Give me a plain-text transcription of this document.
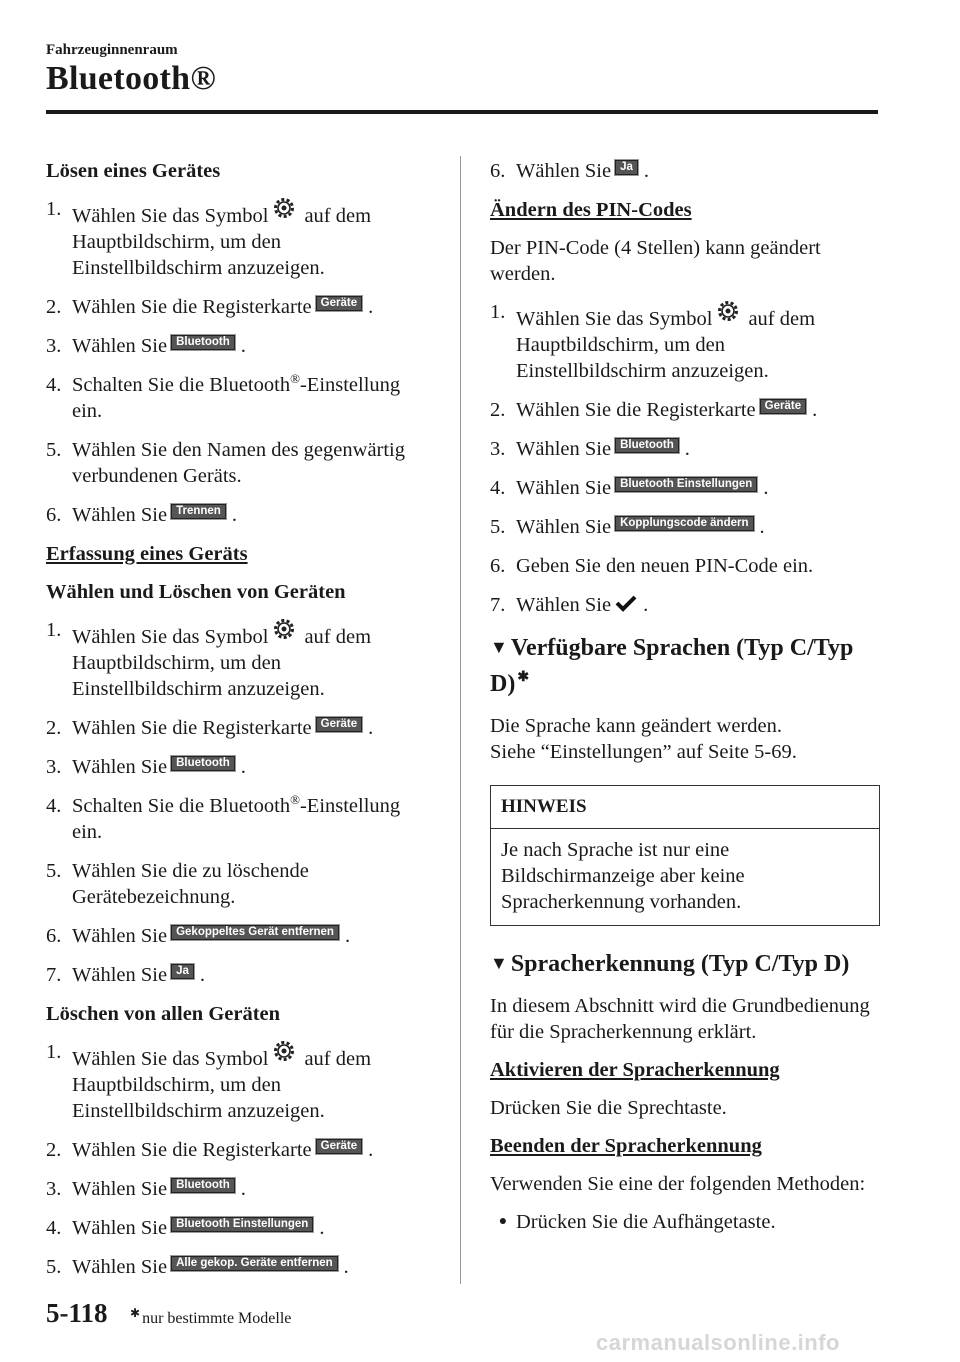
Fahrzeuginnenraum
Bluetooth®
Lösen eines Gerätes
1. Wählen Sie das Symbol auf dem Hauptbildschirm, um den Einstellbildschirm anzuzeigen.
2. Wählen Sie die Registerkarte Geräte .
3. Wählen Sie Bluetooth .
4. Schalten Sie die Bluetooth®-Einstellung ein.
5. Wählen Sie den Namen des gegenwärtig verbundenen Geräts.
6. Wählen Sie Trennen .
Erfassung eines Geräts
Wählen und Löschen von Geräten
1. Wählen Sie das Symbol auf dem Hauptbildschirm, um den Einstellbildschirm anzuzeigen.
2. Wählen Sie die Registerkarte Geräte .
3. Wählen Sie Bluetooth .
4. Schalten Sie die Bluetooth®-Einstellung ein.
5. Wählen Sie die zu löschende Gerätebezeichnung.
6. Wählen Sie Gekoppeltes Gerät entfernen .
7. Wählen Sie Ja .
Löschen von allen Geräten
1. Wählen Sie das Symbol auf dem Hauptbildschirm, um den Einstellbildschirm anzuzeigen.
2. Wählen Sie die Registerkarte Geräte .
3. Wählen Sie Bluetooth .
4. Wählen Sie Bluetooth Einstellungen .
5. Wählen Sie Alle gekop. Geräte entfernen .
6. Wählen Sie Ja .
Ändern des PIN-Codes
Der PIN-Code (4 Stellen) kann geändert werden.
1. Wählen Sie das Symbol auf dem Hauptbildschirm, um den Einstellbildschirm anzuzeigen.
2. Wählen Sie die Registerkarte Geräte .
3. Wählen Sie Bluetooth .
4. Wählen Sie Bluetooth Einstellungen .
5. Wählen Sie Kopplungscode ändern .
6. Geben Sie den neuen PIN-Code ein.
7. Wählen Sie .
▼ Verfügbare Sprachen (Typ C/Typ D) ✱
Die Sprache kann geändert werden.
Siehe “Einstellungen” auf Seite 5-69.
HINWEIS
Je nach Sprache ist nur eine Bildschirmanzeige aber keine Spracherkennung vorhanden.
▼ Spracherkennung (Typ C/Typ D)
In diesem Abschnitt wird die Grundbedienung für die Spracherkennung erklärt.
Aktivieren der Spracherkennung
Drücken Sie die Sprechtaste.
Beenden der Spracherkennung
Verwenden Sie eine der folgenden Methoden:
● Drücken Sie die Aufhängetaste.
5-118 ✱ nur bestimmte Modelle
carmanualsonline.info
